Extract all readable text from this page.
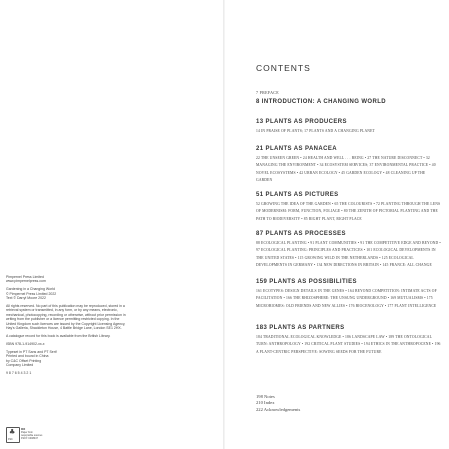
Pimpernel Press Limited
www.pimpernelpress.com

Gardening in a Changing World
© Pimpernel Press Limited 2022
Text © Darryl Moore 2022

All rights reserved. No part of this publication may be reproduced, stored in a retrieval system or transmitted, in any form, or by any means, electronic, mechanical, photocopying, recording or otherwise, without prior permission in writing from the publisher or a licence permitting restricted copying. In the United Kingdom such licences are issued by the Copyright Licensing Agency, Hay's Galleria, Shackleton House, 4 Battle Bridge Lane, London SE1 2HX.

A catalogue record for this book is available from the British Library.

ISBN 978-1-914902-xx-x

Typeset in PT Sans and PT Serif
Printed and bound in China
by C&C Offset Printing
Company Limited

9 8 7 6 5 4 3 2 1

♣
FSC
MIX
Paper from
responsible sources
FSC® C008047
CONTENTS
7 PREFACE
8 INTRODUCTION: A CHANGING WORLD
13 PLANTS AS PRODUCERS

14 IN PRAISE OF PLANTS; 17 PLANTS AND A CHANGING PLANET

21 PLANTS AS PANACEA

22 THE UNSEEN GREEN • 24 HEALTH AND WELL . . . BEING • 27 THE NATURE DISCONNECT • 32 MANAGING THE ENVIRONMENT • 34 ECOSYSTEM SERVICES; 37 ENVIRONMENTAL PRACTICE • 40 NOVEL ECOSYSTEMS • 42 URBAN ECOLOGY • 45 GARDEN ECOLOGY • 48 CLEANING UP THE GARDEN

51 PLANTS AS PICTURES

52 GROWING THE IDEA OF THE GARDEN • 65 THE COLOURISTS • 72 PLANTING THROUGH THE LENS OF MODERNISM: FORM, FUNCTION, FOLIAGE • 80 THE ZENITH OF PICTORIAL PLANTING AND THE PATH TO BIODIVERSITY • 85 RIGHT PLANT, RIGHT PLACE

87 PLANTS AS PROCESSES

88 ECOLOGICAL PLANTING • 91 PLANT COMMUNITIES • 91 THE COMPETITIVE EDGE AND BEYOND • 97 ECOLOGICAL PLANTING: PRINCIPLES AND PRACTICES • 101 ECOLOGICAL DEVELOPMENTS IN THE UNITED STATES • 115 GROWING WILD IN THE NETHERLANDS • 125 ECOLOGICAL DEVELOPMENTS IN GERMANY • 134 NEW DIRECTIONS IN BRITAIN • 145 FRANCE: ALL CHANGE

159 PLANTS AS POSSIBILITIES

161 ECOTYPES: DESIGN DETAILS IN THE GENES • 164 BEYOND COMPETITION: INTIMATE ACTS OF FACILITATION • 166 THE RHIZOSPHERE: THE UNSUNG UNDERGROUND • 169 MUTUALISMS • 175 MICROBIOMES: OLD FRIENDS AND NEW ALLIES • 176 BIOCENOLOGY • 177 PLANT INTELLIGENCE

183 PLANTS AS PARTNERS

184 TRADITIONAL ECOLOGICAL KNOWLEDGE • 186 LANDSCAPE LAW • 189 THE ONTOLOGICAL TURN: ANTHROPOLOGY • 192 CRITICAL PLANT STUDIES • 194 ETHICS IN THE ANTHROPOCENE • 196 A PLANT-CENTRIC PERSPECTIVE: SOWING SEEDS FOR THE FUTURE

198 Notes
210 Index
222 Acknowledgements
